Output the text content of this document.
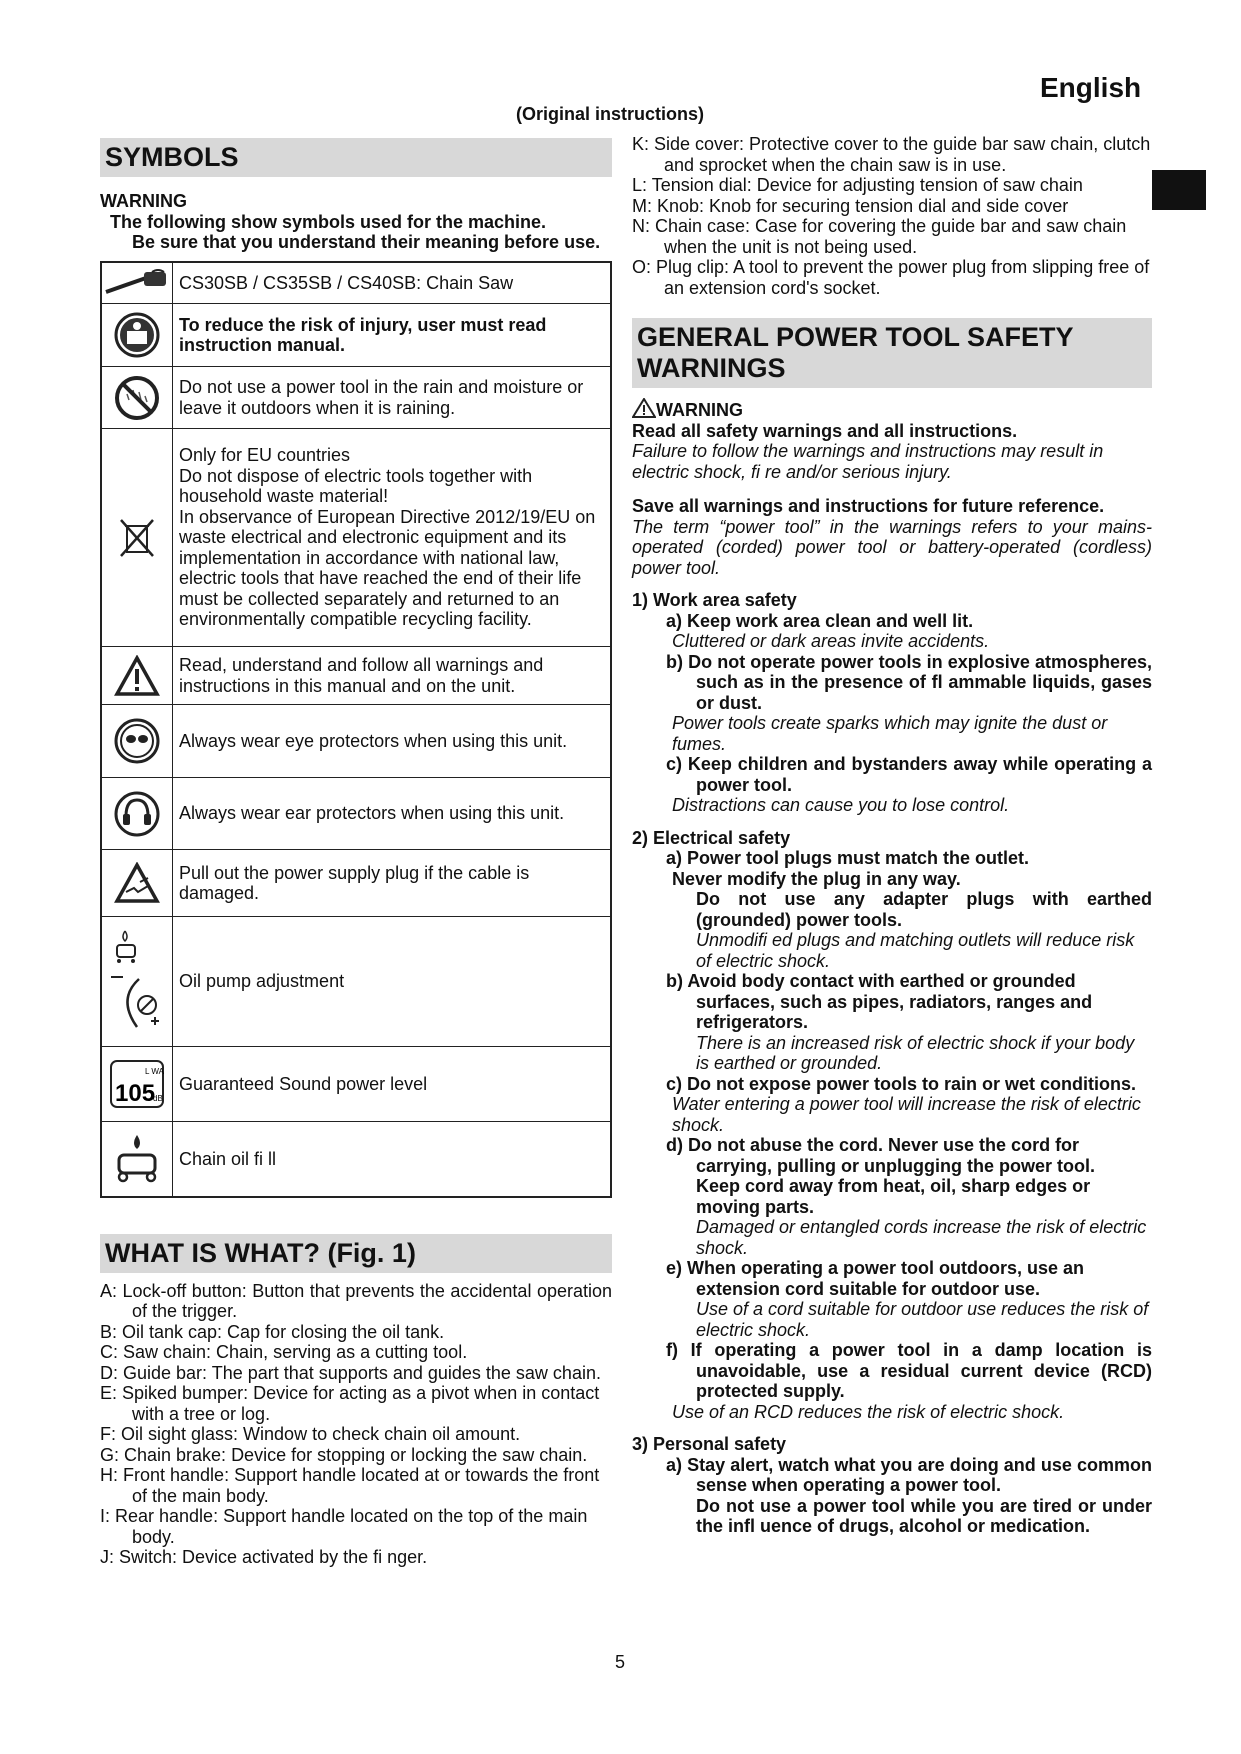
English
(Original instructions)
SYMBOLS
WARNING
The following show symbols used for the machine.
Be sure that you understand their meaning before use.
	CS30SB / CS35SB / CS40SB: Chain Saw

	To reduce the risk of injury, user must read instruction manual.

	Do not use a power tool in the rain and moisture or leave it outdoors when it is raining.

	Only for EU countries
Do not dispose of electric tools together with household waste material!
In observance of European Directive 2012/19/EU on waste electrical and electronic equipment and its implementation in accordance with national law, electric tools that have reached the end of their life must be collected separately and returned to an environmentally compatible recycling facility.

	Read, understand and follow all warnings and instructions in this manual and on the unit.

	Always wear eye protectors when using this unit.

	Always wear ear protectors when using this unit.

	Pull out the power supply plug if the cable is damaged.

	Oil pump adjustment

L WA
105
dB	Guaranteed Sound power level

	Chain oil fi ll
WHAT IS WHAT? (Fig. 1)

A: Lock-off button: Button that prevents the accidental operation of the trigger.

B: Oil tank cap: Cap for closing the oil tank.

C: Saw chain: Chain, serving as a cutting tool.

D: Guide bar: The part that supports and guides the saw chain.

E: Spiked bumper: Device for acting as a pivot when in contact with a tree or log.

F: Oil sight glass: Window to check chain oil amount.

G: Chain brake: Device for stopping or locking the saw chain.

H: Front handle: Support handle located at or towards the front of the main body.

I: Rear handle: Support handle located on the top of the main body.

J: Switch: Device activated by the fi nger.

K: Side cover: Protective cover to the guide bar saw chain, clutch and sprocket when the chain saw is in use.

L: Tension dial: Device for adjusting tension of saw chain

M: Knob: Knob for securing tension dial and side cover

N: Chain case: Case for covering the guide bar and saw chain when the unit is not being used.

O: Plug clip: A tool to prevent the power plug from slipping free of an extension cord's socket.

GENERAL POWER TOOL SAFETY WARNINGS
WARNING
Read all safety warnings and all instructions.
Failure to follow the warnings and instructions may result in electric shock, fi re and/or serious injury.
Save all warnings and instructions for future reference.
The term “power tool” in the warnings refers to your mains-operated (corded) power tool or battery-operated (cordless) power tool.
1) Work area safety
a) Keep work area clean and well lit.
Cluttered or dark areas invite accidents.
b) Do not operate power tools in explosive atmospheres, such as in the presence of fl ammable liquids, gases or dust.
Power tools create sparks which may ignite the dust or fumes.
c) Keep children and bystanders away while operating a power tool.
Distractions can cause you to lose control.
2) Electrical safety
a) Power tool plugs must match the outlet.
Never modify the plug in any way.
Do not use any adapter plugs with earthed (grounded) power tools.
Unmodifi ed plugs and matching outlets will reduce risk of electric shock.
b) Avoid body contact with earthed or grounded surfaces, such as pipes, radiators, ranges and refrigerators.
There is an increased risk of electric shock if your body is earthed or grounded.
c) Do not expose power tools to rain or wet conditions.
Water entering a power tool will increase the risk of electric shock.
d) Do not abuse the cord. Never use the cord for carrying, pulling or unplugging the power tool.
Keep cord away from heat, oil, sharp edges or moving parts.
Damaged or entangled cords increase the risk of electric shock.
e) When operating a power tool outdoors, use an extension cord suitable for outdoor use.
Use of a cord suitable for outdoor use reduces the risk of electric shock.
f) If operating a power tool in a damp location is unavoidable, use a residual current device (RCD) protected supply.
Use of an RCD reduces the risk of electric shock.
3) Personal safety
a) Stay alert, watch what you are doing and use common sense when operating a power tool.
Do not use a power tool while you are tired or under the infl uence of drugs, alcohol or medication.
5
